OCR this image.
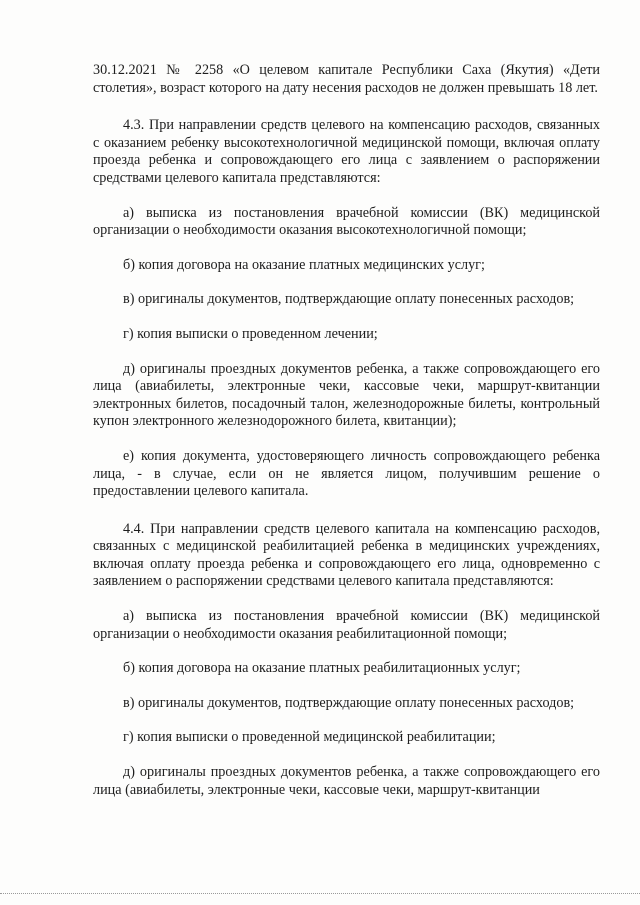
30.12.2021 № 2258 «О целевом капитале Республики Саха (Якутия) «Дети столетия», возраст которого на дату несения расходов не должен превышать 18 лет.

4.3. При направлении средств целевого на компенсацию расходов, связанных с оказанием ребенку высокотехнологичной медицинской помощи, включая оплату проезда ребенка и сопровождающего его лица с заявлением о распоряжении средствами целевого капитала представляются:

а) выписка из постановления врачебной комиссии (ВК) медицинской организации о необходимости оказания высокотехнологичной помощи;

б) копия договора на оказание платных медицинских услуг;

в) оригиналы документов, подтверждающие оплату понесенных расходов;

г) копия выписки о проведенном лечении;

д) оригиналы проездных документов ребенка, а также сопровождающего его лица (авиабилеты, электронные чеки, кассовые чеки, маршрут-квитанции электронных билетов, посадочный талон, железнодорожные билеты, контрольный купон электронного железнодорожного билета, квитанции);

е) копия документа, удостоверяющего личность сопровождающего ребенка лица, - в случае, если он не является лицом, получившим решение о предоставлении целевого капитала.

4.4. При направлении средств целевого капитала на компенсацию расходов, связанных с медицинской реабилитацией ребенка в медицинских учреждениях, включая оплату проезда ребенка и сопровождающего его лица, одновременно с заявлением о распоряжении средствами целевого капитала представляются:

а) выписка из постановления врачебной комиссии (ВК) медицинской организации о необходимости оказания реабилитационной помощи;

б) копия договора на оказание платных реабилитационных услуг;

в) оригиналы документов, подтверждающие оплату понесенных расходов;

г) копия выписки о проведенной медицинской реабилитации;

д) оригиналы проездных документов ребенка, а также сопровождающего его лица (авиабилеты, электронные чеки, кассовые чеки, маршрут-квитанции
